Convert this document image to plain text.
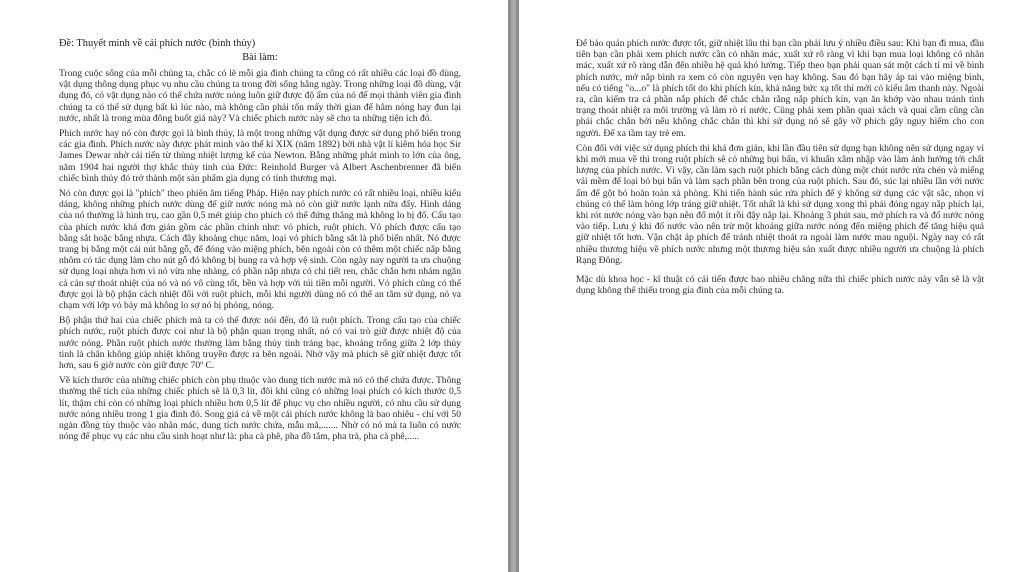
Đề: Thuyết minh về cái phích nước (bình thủy)

Bài làm:

Trong cuộc sống của mỗi chúng ta, chắc có lẽ mỗi gia đình chúng ta cũng có rất nhiều các loại đồ dùng, vật dụng thông dụng phục vụ nhu cầu chúng ta trong đời sống hằng ngày. Trong những loại đồ dùng, vật dụng đó, có vật dụng nào có thể chứa nước nóng luôn giữ được độ ấm của nó để mọi thành viên gia đình chúng ta có thể sử dụng bất kì lúc nào, mà không cần phải tốn mấy thời gian để hâm nóng hay đun lại nước, nhất là trong mùa đông buốt giá này? Và chiếc phích nước này sẽ cho ta những tiện ích đó.

Phích nước hay nó còn được gọi là bình thủy, là một trong những vật dụng được sử dụng phổ biến trong các gia đình. Phích nước này được phát minh vào thế kỉ XIX (năm 1892) bởi nhà vật lí kiêm hóa học Sir James Dewar nhờ cải tiến từ thùng nhiệt lượng kế của Newton. Bằng những phát minh to lớn của ông, năm 1904 hai người thợ khắc thủy tinh của Đức: Reinhold Burger và Albert Aschenbrenner đã biến chiếc bình thủy đó trở thành một sản phẩm gia dụng có tính thương mại.

Nó còn được gọi là "phích" theo phiên âm tiếng Pháp. Hiện nay phích nước có rất nhiều loại, nhiều kiểu dáng, không những phích nước dùng để giữ nước nóng mà nó còn giữ nước lạnh nữa đấy. Hình dáng của nó thường là hình trụ, cao gần 0,5 mét giúp cho phích có thể đứng thẳng mà không lo bị đổ. Cấu tạo của phích nước khá đơn giản gồm các phần chính như: vỏ phích, ruột phích. Vỏ phích được cấu tạo bằng sắt hoặc bằng nhựa. Cách đây khoảng chục năm, loại vỏ phích bằng sắt là phổ biến nhất. Nó được trang bị bằng một cái nút bằng gỗ, để đóng vào miệng phích, bên ngoài còn có thêm một chiếc nắp bằng nhôm có tác dụng làm cho nút gỗ đó không bị bung ra và hợp vệ sinh. Còn ngày nay người ta ưa chuộng sử dụng loại nhựa hơn vì nó vừa nhẹ nhàng, có phần nắp nhựa có chi tiết ren, chắc chắn hơn nhám ngăn cả cản sự thoát nhiệt của nó và nó vô cùng tốt, bền và hợp với túi tiền mỗi người. Vỏ phích cũng có thể được gọi là bộ phận cách nhiệt đối với ruột phích, mỗi khi người dùng nó có thể an tâm sử dụng, nó va chạm với lớp vỏ bảy mà không lo sợ nó bị phỏng, nóng.

Bộ phận thứ hai của chiếc phích mà ta có thể được nói đến, đó là ruột phích. Trong cấu tạo của chiếc phích nước, ruột phích được coi như là bộ phận quan trọng nhất, nó có vai trò giữ được nhiệt độ của nước nóng. Phần ruột phích nước thường làm bằng thủy tinh tráng bạc, khoảng trống giữa 2 lớp thủy tinh là chân không giúp nhiệt không truyền được ra bên ngoài. Nhờ vậy mà phích sẽ giữ nhiệt được tốt hơn, sau 6 giờ nước còn giữ được 70º C.

Về kích thước của những chiếc phích còn phụ thuộc vào dung tích nước mà nó có thể chứa được. Thông thường thể tích của những chiếc phích sẽ là 0,3 lít, đôi khi cũng có những loại phích có kích thước 0,5 lít, thậm chí còn có những loại phích nhiều hơn 0,5 lít để phục vụ cho nhiều người, có nhu cầu sử dụng nước nóng nhiều trong 1 gia đình đó. Song giá cả về một cái phích nước không là bao nhiêu - chỉ với 50 ngàn đồng tùy thuộc vào nhãn mác, dung tích nước chứa, mẫu mã,....... Nhờ có nó mà ta luôn có nước nóng để phục vụ các nhu cầu sinh hoạt như là: pha cà phê, pha đồ tắm, pha trà, pha cà phê,.....

Để bảo quản phích nước được tốt, giữ nhiệt lâu thì bạn cần phải lưu ý nhiều điều sau: Khi bạn đi mua, đầu tiên bạn cần phải xem phích nước cần có nhãn mác, xuất xứ rõ ràng vì khi bạn mua loại không có nhãn mác, xuất xứ rõ ràng dẫn đến nhiều hệ quả khó lường. Tiếp theo bạn phải quan sát một cách tỉ mỉ về bình phích nước, mở nắp bình ra xem có còn nguyên vẹn hay không. Sau đó bạn hãy áp tai vào miệng bình, nếu có tiếng "o...o" là phích tốt do khi phích kín, khả năng bức xạ tốt thì mới có kiểu âm thanh này. Ngoài ra, cần kiểm tra cả phần nắp phích để chắc chắn rằng nắp phích kín, vạn ăn khớp vào nhau tránh tình trạng thoát nhiệt ra môi trường và làm rò rỉ nước. Cũng phải xem phần quai xách và quai cầm cũng cần phải chắc chắn bởi nếu không chắc chắn thì khi sử dụng nó sẽ gây vỡ phích gây nguy hiểm cho con người. Để xa tầm tay trẻ em.

Còn đối với việc sử dụng phích thì khá đơn giản, khi lần đầu tiên sử dụng bạn không nên sử dụng ngay vì khi mới mua về thì trong ruột phích sẽ có những bụi bẩn, vi khuẩn xâm nhập vào làm ảnh hưởng tới chất lượng của phích nước. Vì vậy, cần làm sạch ruột phích bằng cách dùng một chút nước rửa chén và miếng vải mềm để loại bỏ bụi bẩn và làm sạch phần bên trong của ruột phích. Sau đó, súc lại nhiều lần với nước ấm để gột bỏ hoàn toàn xà phòng. Khi tiến hành súc rửa phích để ý không sử dụng các vật sắc, nhọn vì chúng có thể làm hỏng lớp tráng giữ nhiệt. Tốt nhất là khi sử dụng xong thì phải đóng ngay nắp phích lại, khi rót nước nóng vào bạn nên đổ một ít rồi đậy nắp lại. Khoảng 3 phút sau, mở phích ra và đổ nước nóng vào tiếp. Lưu ý khi đổ nước vào nên trừ một khoảng giữa nước nóng đến miệng phích để tăng hiệu quả giữ nhiệt tốt hơn. Vận chặt áp phích để tránh nhiệt thoát ra ngoài làm nước mau nguội. Ngày nay có rất nhiều thương hiệu về phích nước nhưng một thương hiệu sản xuất được nhiều người ưa chuộng là phích Rạng Đông.

Mặc dù khoa học - kĩ thuật có cải tiến được bao nhiêu chăng nữa thì chiếc phích nước này vẫn sẽ là vật dụng không thể thiếu trong gia đình của mỗi chúng ta.
